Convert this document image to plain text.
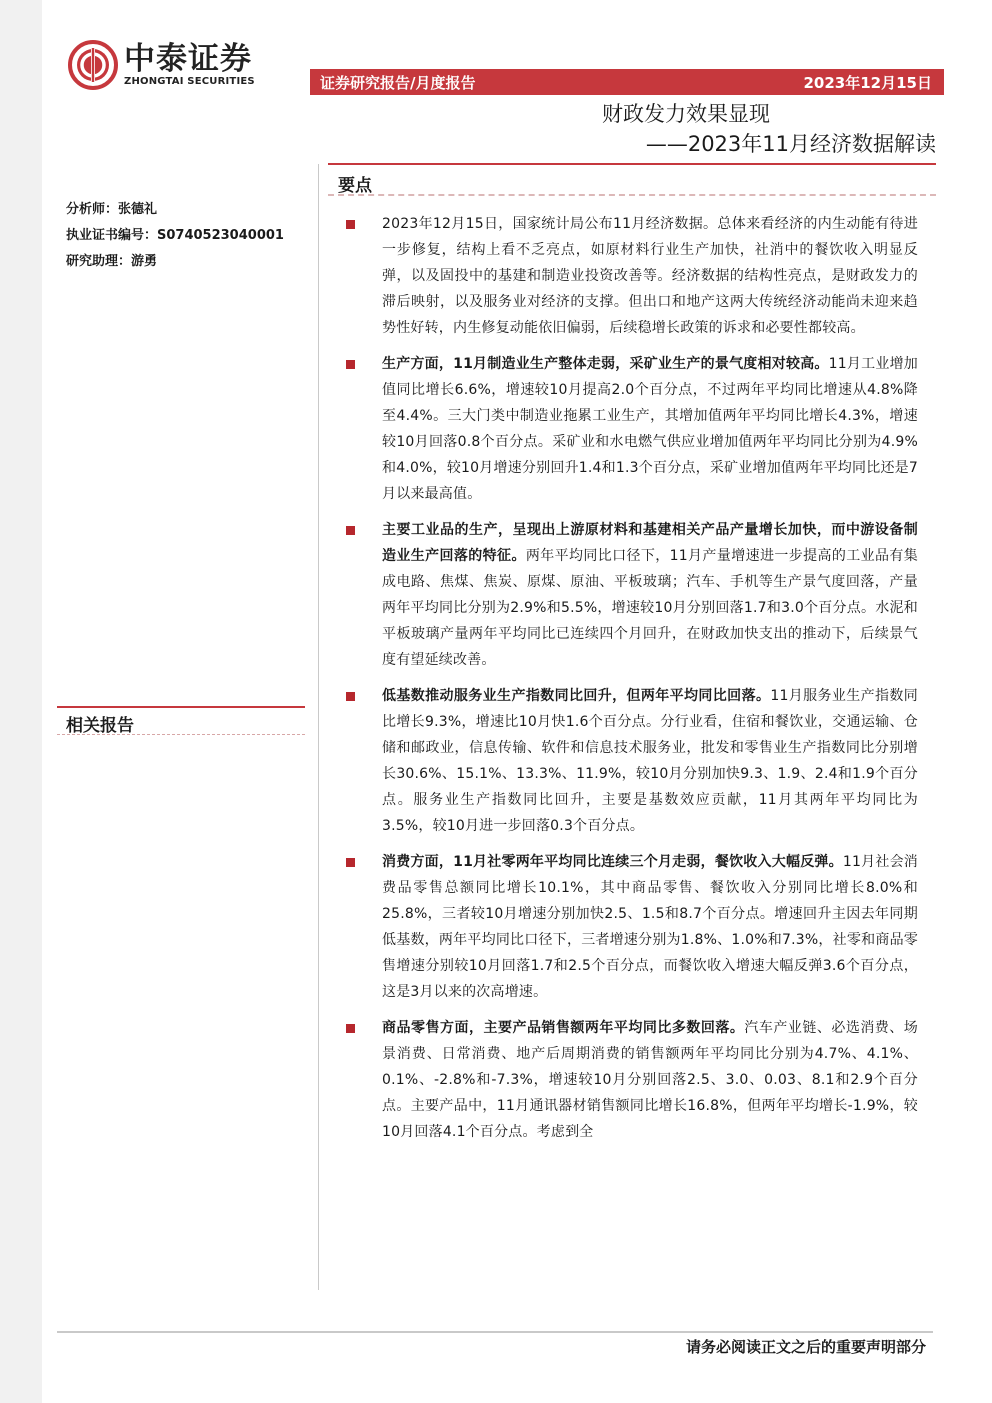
中泰证券
ZHONGTAI SECURITIES	证券研究报告/月度报告	2023年12月15日
财政发力效果显现
——2023年11月经济数据解读
分析师：张德礼
执业证书编号：S0740523040001
研究助理：游勇
相关报告
要点
2023年12月15日，国家统计局公布11月经济数据。总体来看经济的内生动能有待进一步修复，结构上看不乏亮点，如原材料行业生产加快，社消中的餐饮收入明显反弹，以及固投中的基建和制造业投资改善等。经济数据的结构性亮点，是财政发力的滞后映射，以及服务业对经济的支撑。但出口和地产这两大传统经济动能尚未迎来趋势性好转，内生修复动能依旧偏弱，后续稳增长政策的诉求和必要性都较高。
生产方面，11月制造业生产整体走弱，采矿业生产的景气度相对较高。11月工业增加值同比增长6.6%，增速较10月提高2.0个百分点，不过两年平均同比增速从4.8%降至4.4%。三大门类中制造业拖累工业生产，其增加值两年平均同比增长4.3%，增速较10月回落0.8个百分点。采矿业和水电燃气供应业增加值两年平均同比分别为4.9%和4.0%，较10月增速分别回升1.4和1.3个百分点，采矿业增加值两年平均同比还是7月以来最高值。
主要工业品的生产，呈现出上游原材料和基建相关产品产量增长加快，而中游设备制造业生产回落的特征。两年平均同比口径下，11月产量增速进一步提高的工业品有集成电路、焦煤、焦炭、原煤、原油、平板玻璃；汽车、手机等生产景气度回落，产量两年平均同比分别为2.9%和5.5%，增速较10月分别回落1.7和3.0个百分点。水泥和平板玻璃产量两年平均同比已连续四个月回升，在财政加快支出的推动下，后续景气度有望延续改善。
低基数推动服务业生产指数同比回升，但两年平均同比回落。11月服务业生产指数同比增长9.3%，增速比10月快1.6个百分点。分行业看，住宿和餐饮业，交通运输、仓储和邮政业，信息传输、软件和信息技术服务业，批发和零售业生产指数同比分别增长30.6%、15.1%、13.3%、11.9%，较10月分别加快9.3、1.9、2.4和1.9个百分点。服务业生产指数同比回升，主要是基数效应贡献，11月其两年平均同比为3.5%，较10月进一步回落0.3个百分点。
消费方面，11月社零两年平均同比连续三个月走弱，餐饮收入大幅反弹。11月社会消费品零售总额同比增长10.1%，其中商品零售、餐饮收入分别同比增长8.0%和25.8%，三者较10月增速分别加快2.5、1.5和8.7个百分点。增速回升主因去年同期低基数，两年平均同比口径下，三者增速分别为1.8%、1.0%和7.3%，社零和商品零售增速分别较10月回落1.7和2.5个百分点，而餐饮收入增速大幅反弹3.6个百分点，这是3月以来的次高增速。
商品零售方面，主要产品销售额两年平均同比多数回落。汽车产业链、必选消费、场景消费、日常消费、地产后周期消费的销售额两年平均同比分别为4.7%、4.1%、0.1%、-2.8%和-7.3%，增速较10月分别回落2.5、3.0、0.03、8.1和2.9个百分点。主要产品中，11月通讯器材销售额同比增长16.8%，但两年平均增长-1.9%，较10月回落4.1个百分点。考虑到全
请务必阅读正文之后的重要声明部分
